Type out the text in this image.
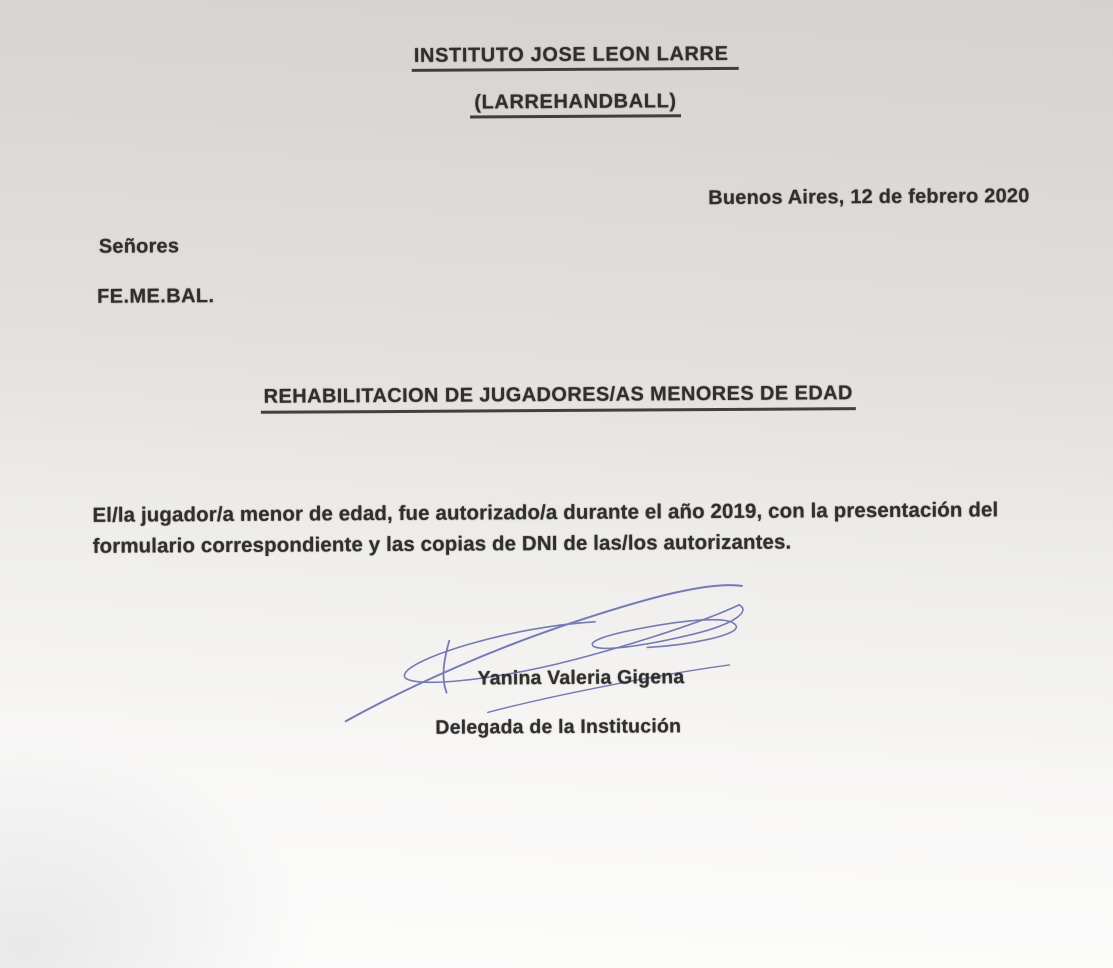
INSTITUTO JOSE LEON LARRE
(LARREHANDBALL)
Buenos Aires, 12 de febrero 2020
Señores
FE.ME.BAL.
REHABILITACION DE JUGADORES/AS MENORES DE EDAD

El/la jugador/a menor de edad, fue autorizado/a durante el año 2019, con la presentación del formulario correspondiente y las copias de DNI de las/los autorizantes.

Yanina Valeria Gigena
Delegada de la Institución
